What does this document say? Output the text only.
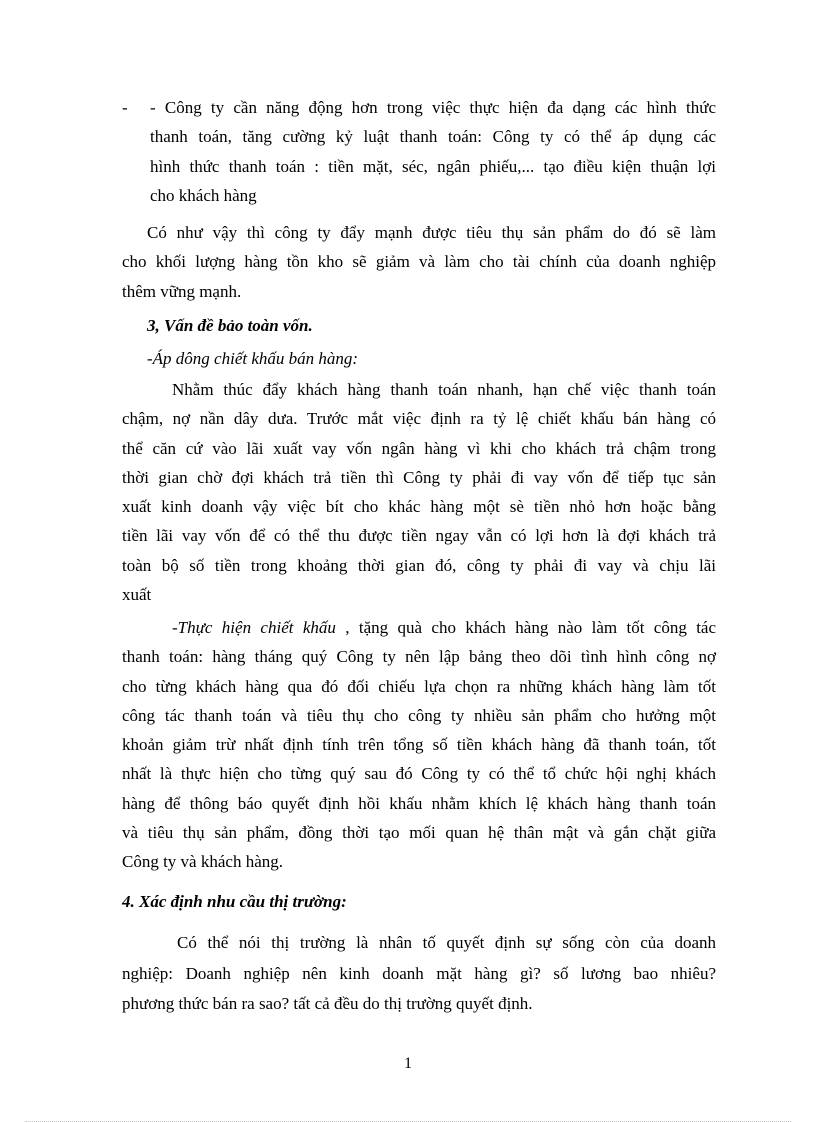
- - Công ty cần năng động hơn trong việc thực hiện đa dạng các hình thức
thanh toán, tăng cường kỷ luật thanh toán: Công ty có thể áp dụng các
hình thức thanh toán : tiền mặt, séc, ngân phiếu,... tạo điều kiện thuận lợi
cho khách hàng
Có như vậy thì công ty đẩy mạnh được tiêu thụ sản phẩm do đó sẽ làm
cho khối lượng hàng tồn kho sẽ giảm và làm cho tài chính của doanh nghiệp
thêm vững mạnh.
3, Vấn đề bảo toàn vốn.
-Áp dông chiết khấu bán hàng:
Nhằm thúc đẩy khách hàng thanh toán nhanh, hạn chế việc thanh toán
chậm, nợ nần dây dưa. Trước mắt việc định ra tỷ lệ chiết khấu bán hàng có
thể căn cứ vào lãi xuất vay vốn ngân hàng vì khi cho khách trả chậm trong
thời gian chờ đợi khách trả tiền thì Công ty phải đi vay vốn để tiếp tục sản
xuất kinh doanh vậy việc bít cho khác hàng một sè tiền nhỏ hơn hoặc bằng
tiền lãi vay vốn để có thể thu được tiền ngay vẫn có lợi hơn là đợi khách trả
toàn bộ số tiền trong khoảng thời gian đó, công ty phải đi vay và chịu lãi
xuất
-Thực hiện chiết khấu , tặng quà cho khách hàng nào làm tốt công tác
thanh toán: hàng tháng quý Công ty nên lập bảng theo dõi tình hình công nợ
cho từng khách hàng qua đó đối chiếu lựa chọn ra những khách hàng làm tốt
công tác thanh toán và tiêu thụ cho công ty nhiều sản phẩm cho hưởng một
khoản giảm trừ nhất định tính trên tổng số tiền khách hàng đã thanh toán, tốt
nhất là thực hiện cho từng quý sau đó Công ty có thể tổ chức hội nghị khách
hàng để thông báo quyết định hồi khấu nhằm khích lệ khách hàng thanh toán
và tiêu thụ sản phẩm, đồng thời tạo mối quan hệ thân mật và gắn chặt giữa
Công ty và khách hàng.
4. Xác định nhu cầu thị trường:
Có thể nói thị trường là nhân tố quyết định sự sống còn của doanh
nghiệp: Doanh nghiệp nên kinh doanh mặt hàng gì? số lương bao nhiêu?
phương thức bán ra sao? tất cả đều do thị trường quyết định.
1
